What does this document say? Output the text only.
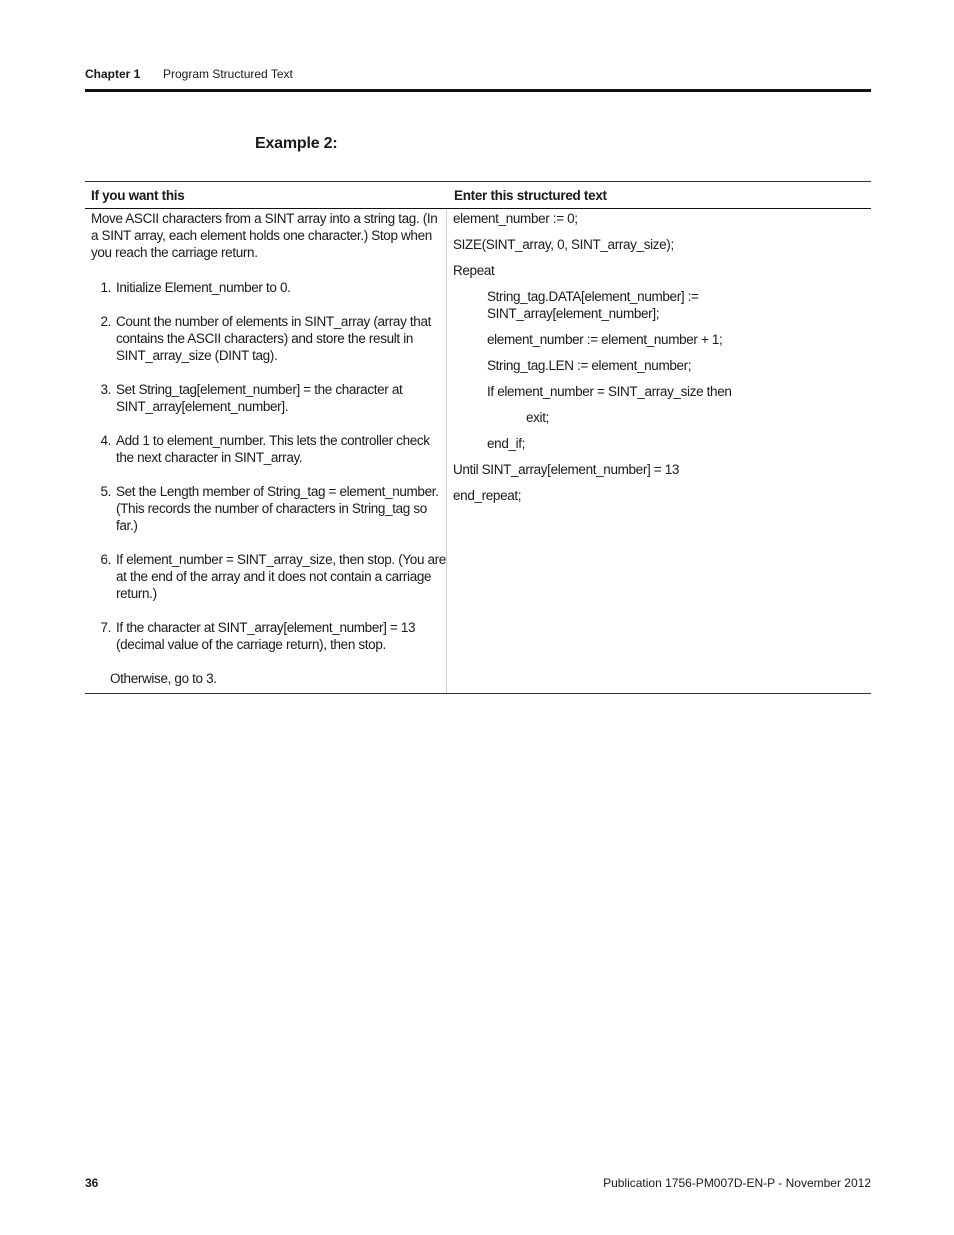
Chapter 1 Program Structured Text
Example 2:
If you want this	Enter this structured text
Move ASCII characters from a SINT array into a string tag. (In a SINT array, each element holds one character.) Stop when you reach the carriage return.
1. Initialize Element_number to 0.
2. Count the number of elements in SINT_array (array that contains the ASCII characters) and store the result in SINT_array_size (DINT tag).
3. Set String_tag[element_number] = the character at SINT_array[element_number].
4. Add 1 to element_number. This lets the controller check the next character in SINT_array.
5. Set the Length member of String_tag = element_number. (This records the number of characters in String_tag so far.)
6. If element_number = SINT_array_size, then stop. (You are at the end of the array and it does not contain a carriage return.)
7. If the character at SINT_array[element_number] = 13 (decimal value of the carriage return), then stop.
Otherwise, go to 3.
element_number := 0;
SIZE(SINT_array, 0, SINT_array_size);
Repeat
String_tag.DATA[element_number] := SINT_array[element_number];
element_number := element_number + 1;
String_tag.LEN := element_number;
If element_number = SINT_array_size then
exit;
end_if;
Until SINT_array[element_number] = 13
end_repeat;
36	Publication 1756-PM007D-EN-P - November 2012
